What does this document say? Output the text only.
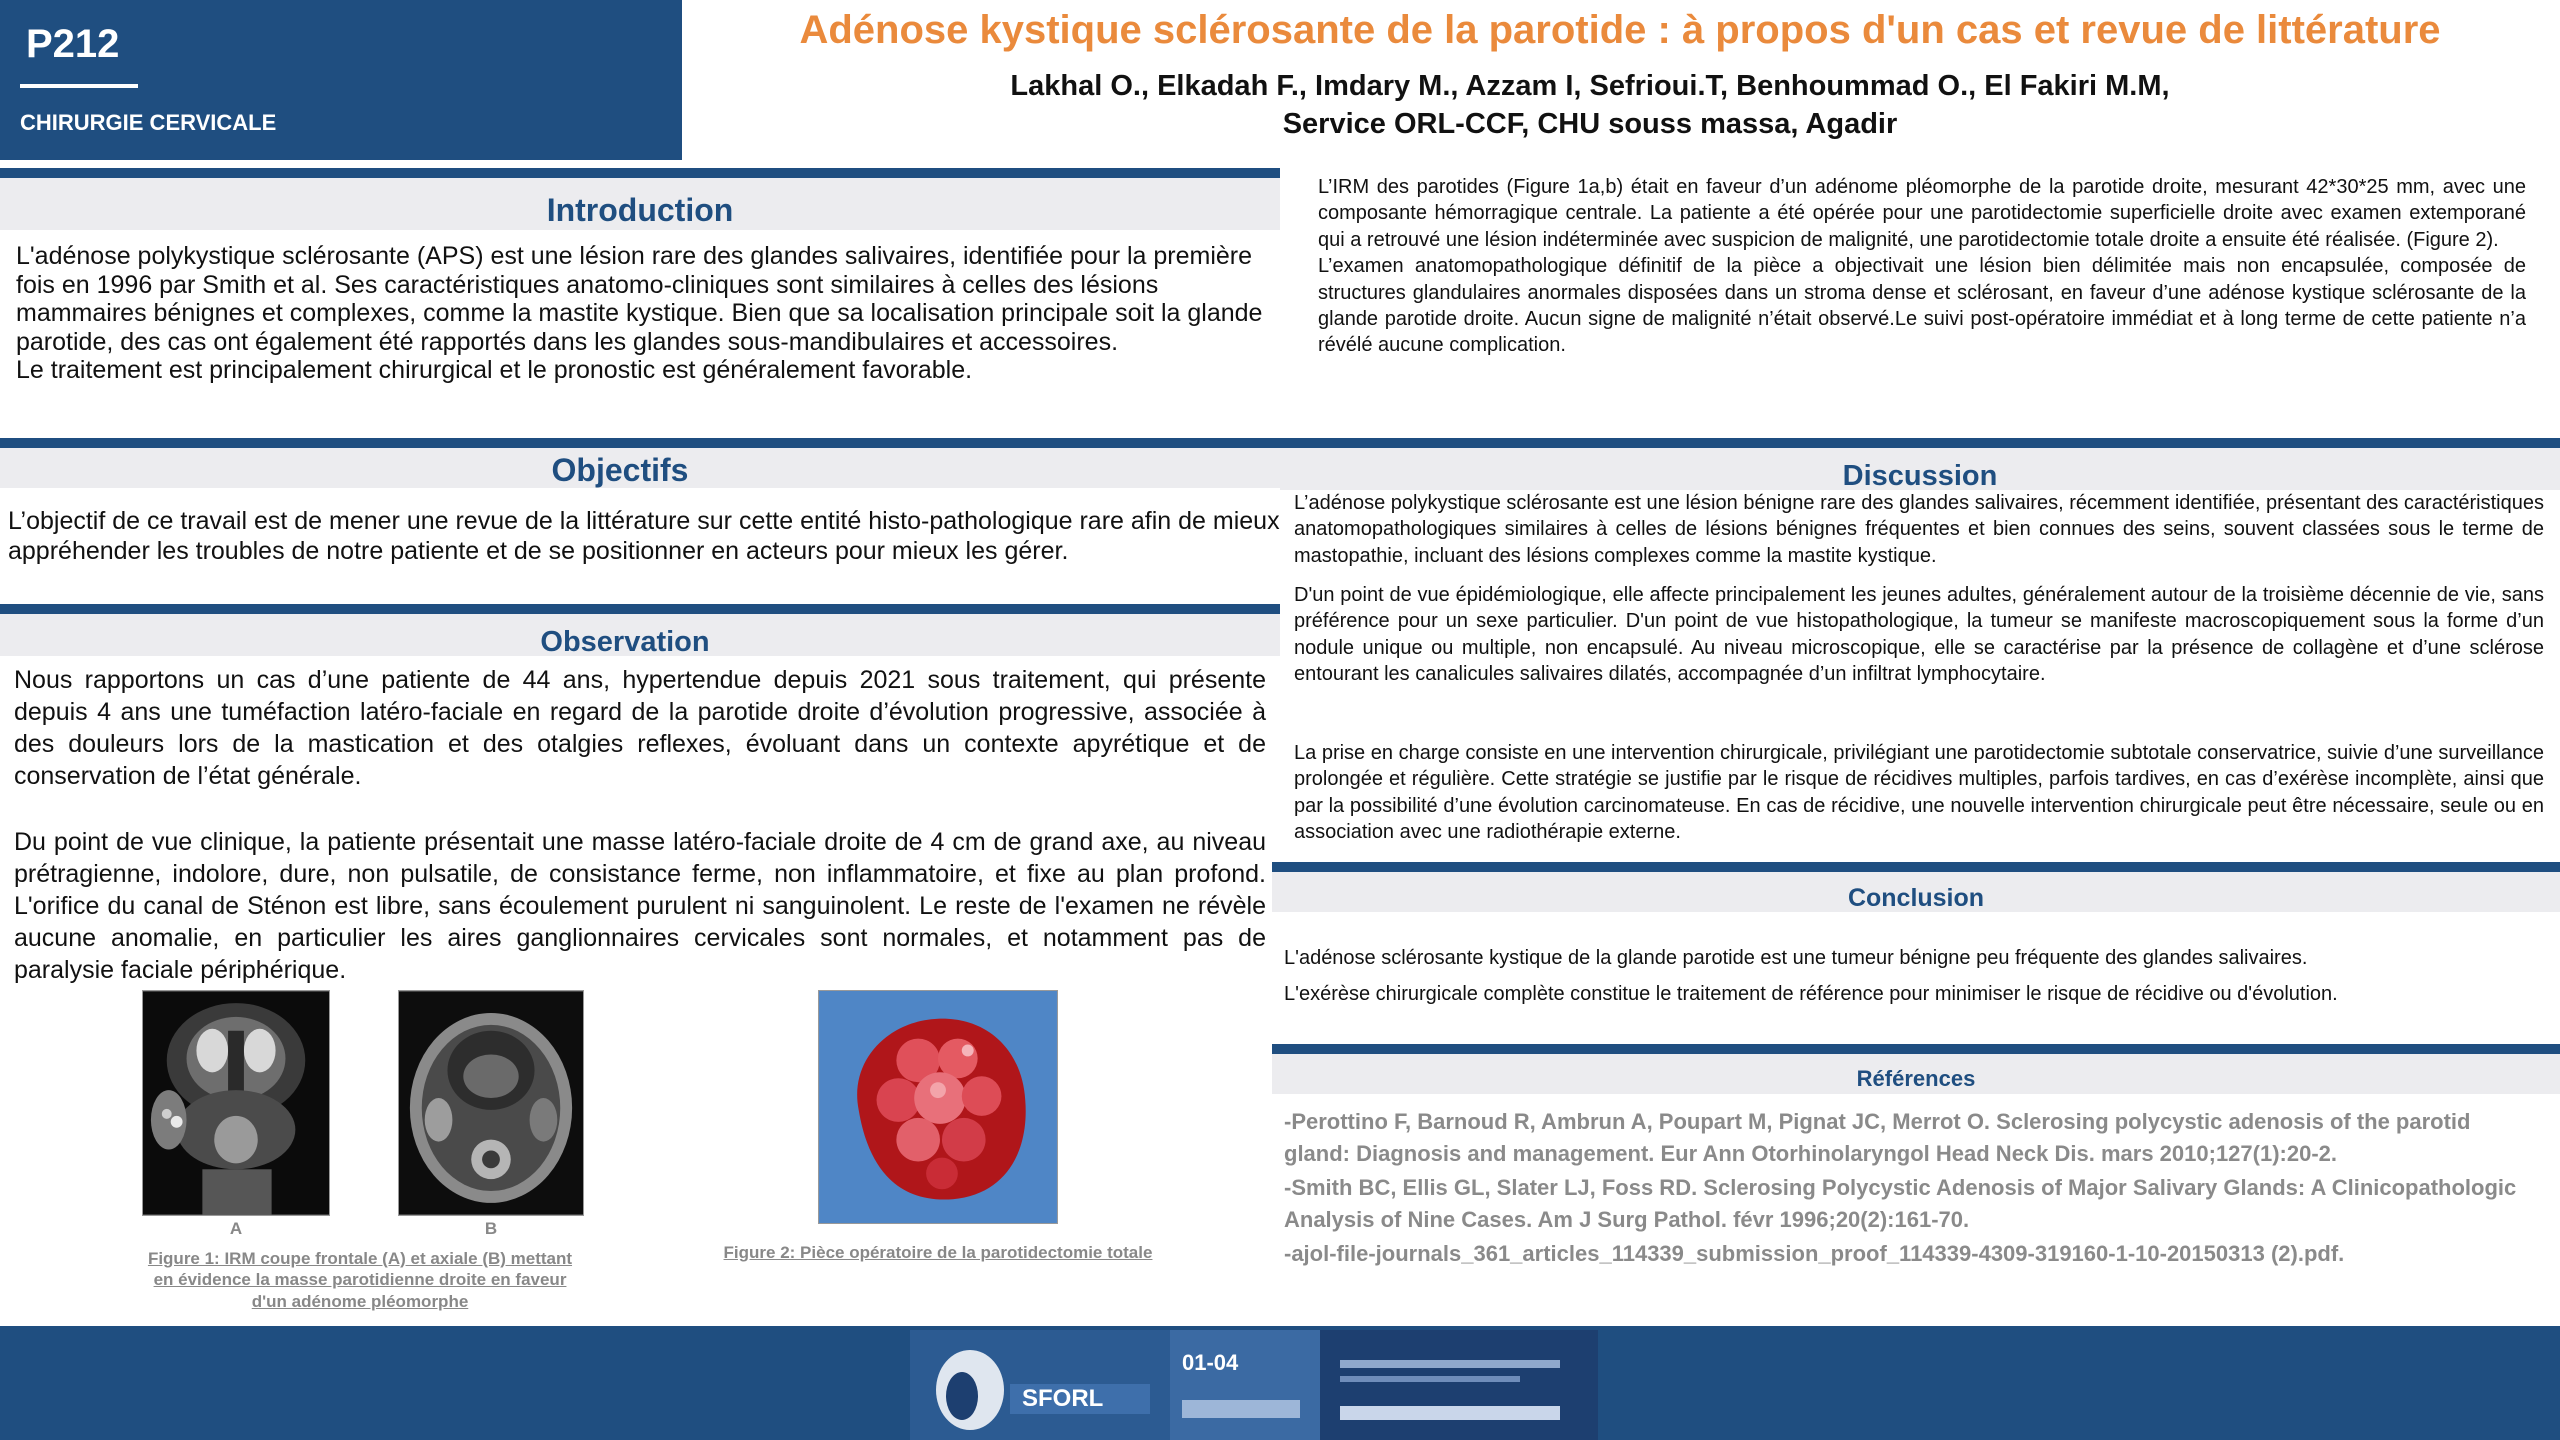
P212
CHIRURGIE CERVICALE
Adénose kystique sclérosante de la parotide : à propos d'un cas et revue de littérature
Lakhal O., Elkadah F., Imdary M., Azzam I, Sefrioui.T, Benhoummad O., El Fakiri M.M,
Service ORL-CCF, CHU souss massa, Agadir
Introduction
L'adénose polykystique sclérosante (APS) est une lésion rare des glandes salivaires, identifiée pour la première fois en 1996 par Smith et al. Ses caractéristiques anatomo-cliniques sont similaires à celles des lésions mammaires bénignes et complexes, comme la mastite kystique. Bien que sa localisation principale soit la glande parotide, des cas ont également été rapportés dans les glandes sous-mandibulaires et accessoires.
Le traitement est principalement chirurgical et le pronostic est généralement favorable.
Objectifs
L’objectif de ce travail est de mener une revue de la littérature sur cette entité histo-pathologique rare afin de mieux appréhender les troubles de notre patiente et de se positionner en acteurs pour mieux les gérer.
Observation
Nous rapportons un cas d’une patiente de 44 ans, hypertendue depuis 2021 sous traitement, qui présente depuis 4 ans une tuméfaction latéro-faciale en regard de la parotide droite d’évolution progressive, associée à des douleurs lors de la mastication et des otalgies reflexes, évoluant dans un contexte apyrétique et de conservation de l’état générale.
Du point de vue clinique, la patiente présentait une masse latéro-faciale droite de 4 cm de grand axe, au niveau prétragienne, indolore, dure, non pulsatile, de consistance ferme, non inflammatoire, et fixe au plan profond. L'orifice du canal de Sténon est libre, sans écoulement purulent ni sanguinolent. Le reste de l'examen ne révèle aucune anomalie, en particulier les aires ganglionnaires cervicales sont normales, et notamment pas de paralysie faciale périphérique.
A	B
Figure 1: IRM coupe frontale (A) et axiale (B) mettant en évidence la masse parotidienne droite en faveur d'un adénome pléomorphe
Figure 2: Pièce opératoire de la parotidectomie totale
L’IRM des parotides (Figure 1a,b) était en faveur d’un adénome pléomorphe de la parotide droite, mesurant 42*30*25 mm, avec une composante hémorragique centrale. La patiente a été opérée pour une parotidectomie superficielle droite avec examen extemporané qui a retrouvé une lésion indéterminée avec suspicion de malignité, une parotidectomie totale droite a ensuite été réalisée. (Figure 2).
L’examen anatomopathologique définitif de la pièce a objectivait une lésion bien délimitée mais non encapsulée, composée de structures glandulaires anormales disposées dans un stroma dense et sclérosant, en faveur d’une adénose kystique sclérosante de la glande parotide droite. Aucun signe de malignité n’était observé.Le suivi post-opératoire immédiat et à long terme de cette patiente n’a révélé aucune complication.
Discussion
L’adénose polykystique sclérosante est une lésion bénigne rare des glandes salivaires, récemment identifiée, présentant des caractéristiques anatomopathologiques similaires à celles de lésions bénignes fréquentes et bien connues des seins, souvent classées sous le terme de mastopathie, incluant des lésions complexes comme la mastite kystique.
D'un point de vue épidémiologique, elle affecte principalement les jeunes adultes, généralement autour de la troisième décennie de vie, sans préférence pour un sexe particulier. D'un point de vue histopathologique, la tumeur se manifeste macroscopiquement sous la forme d’un nodule unique ou multiple, non encapsulé. Au niveau microscopique, elle se caractérise par la présence de collagène et d’une sclérose entourant les canalicules salivaires dilatés, accompagnée d’un infiltrat lymphocytaire.
La prise en charge consiste en une intervention chirurgicale, privilégiant une parotidectomie subtotale conservatrice, suivie d’une surveillance prolongée et régulière. Cette stratégie se justifie par le risque de récidives multiples, parfois tardives, en cas d’exérèse incomplète, ainsi que par la possibilité d’une évolution carcinomateuse. En cas de récidive, une nouvelle intervention chirurgicale peut être nécessaire, seule ou en association avec une radiothérapie externe.
Conclusion
L'adénose sclérosante kystique de la glande parotide est une tumeur bénigne peu fréquente des glandes salivaires.
L'exérèse chirurgicale complète constitue le traitement de référence pour minimiser le risque de récidive ou d'évolution.
Références
-Perottino F, Barnoud R, Ambrun A, Poupart M, Pignat JC, Merrot O. Sclerosing polycystic adenosis of the parotid gland: Diagnosis and management. Eur Ann Otorhinolaryngol Head Neck Dis. mars 2010;127(1):20-2.
-Smith BC, Ellis GL, Slater LJ, Foss RD. Sclerosing Polycystic Adenosis of Major Salivary Glands: A Clinicopathologic Analysis of Nine Cases. Am J Surg Pathol. févr 1996;20(2):161-70.
-ajol-file-journals_361_articles_114339_submission_proof_114339-4309-319160-1-10-20150313 (2).pdf.
SFORL
01-04
